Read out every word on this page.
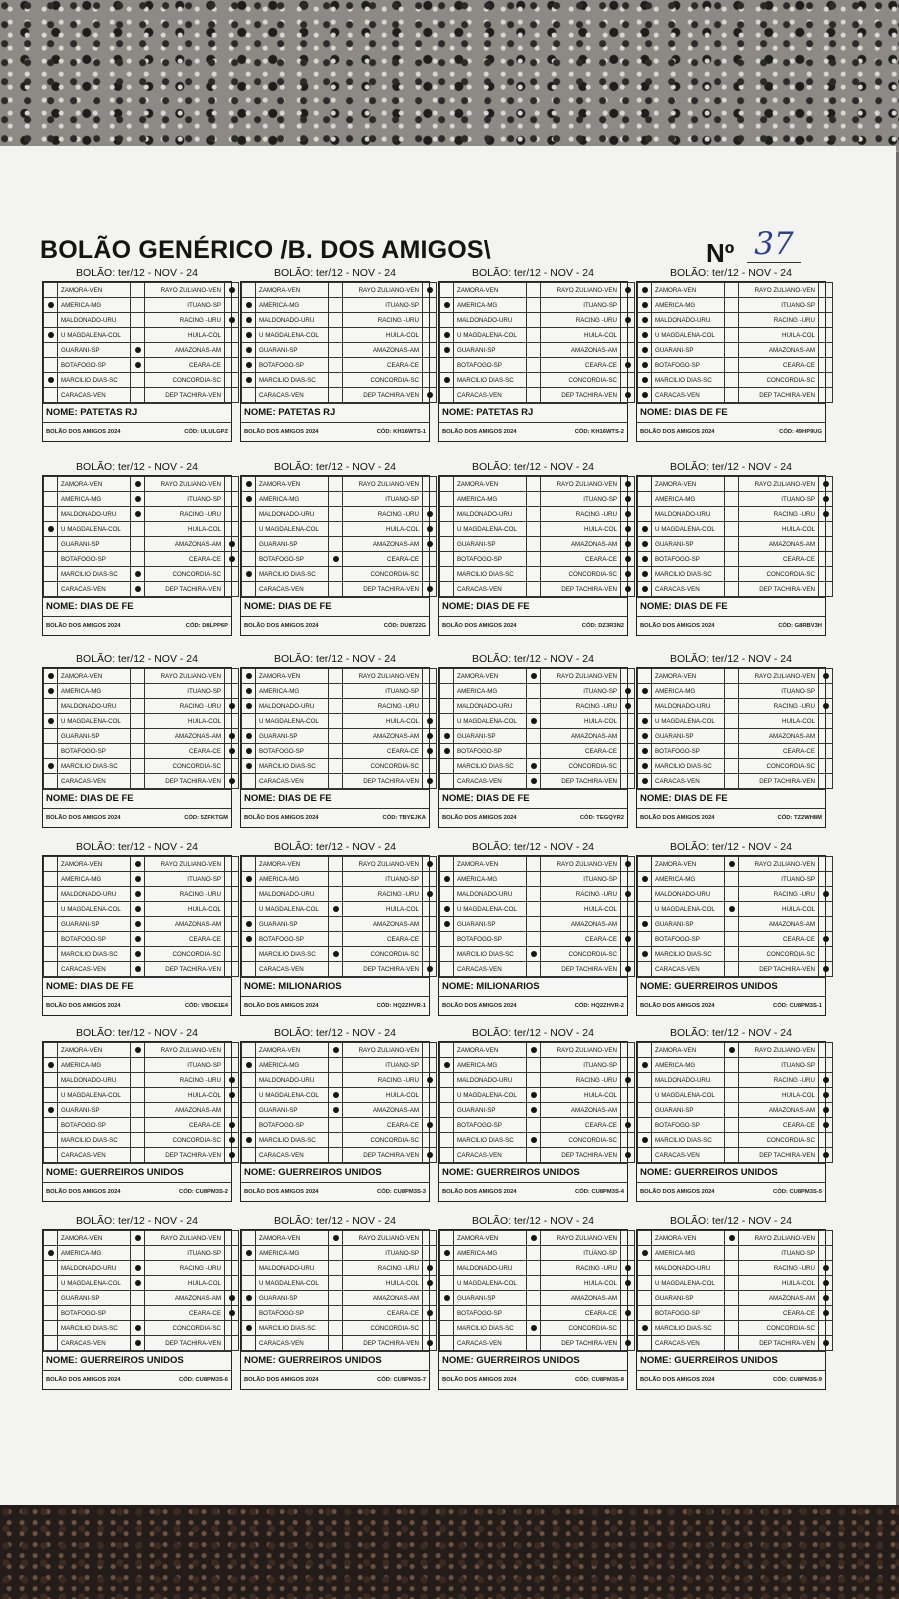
BOLÃO GENÉRICO /B. DOS AMIGOS\	Nº 37
BOLÃO: ter/12 - NOV - 24
	ZAMORA-VEN		RAYO ZULIANO-VEN	
	AMERICA-MG		ITUANO-SP	
	MALDONADO-URU		RACING -URU	
	U MAGDALENA-COL		HUILA-COL	
	GUARANI-SP		AMAZONAS-AM	
	BOTAFOGO-SP		CEARA-CE	
	MARCILIO DIAS-SC		CONCORDIA-SC	
	CARACAS-VEN		DEP TACHIRA-VEN	
NOME: PATETAS RJ
BOLÃO DOS AMIGOS 2024	CÓD: ULULGPZ
BOLÃO: ter/12 - NOV - 24
	ZAMORA-VEN		RAYO ZULIANO-VEN	
	AMERICA-MG		ITUANO-SP	
	MALDONADO-URU		RACING -URU	
	U MAGDALENA-COL		HUILA-COL	
	GUARANI-SP		AMAZONAS-AM	
	BOTAFOGO-SP		CEARA-CE	
	MARCILIO DIAS-SC		CONCORDIA-SC	
	CARACAS-VEN		DEP TACHIRA-VEN	
NOME: PATETAS RJ
BOLÃO DOS AMIGOS 2024	CÓD: KH16WTS-1
BOLÃO: ter/12 - NOV - 24
	ZAMORA-VEN		RAYO ZULIANO-VEN	
	AMERICA-MG		ITUANO-SP	
	MALDONADO-URU		RACING -URU	
	U MAGDALENA-COL		HUILA-COL	
	GUARANI-SP		AMAZONAS-AM	
	BOTAFOGO-SP		CEARA-CE	
	MARCILIO DIAS-SC		CONCORDIA-SC	
	CARACAS-VEN		DEP TACHIRA-VEN	
NOME: PATETAS RJ
BOLÃO DOS AMIGOS 2024	CÓD: KH16WTS-2
BOLÃO: ter/12 - NOV - 24
	ZAMORA-VEN		RAYO ZULIANO-VEN	
	AMERICA-MG		ITUANO-SP	
	MALDONADO-URU		RACING -URU	
	U MAGDALENA-COL		HUILA-COL	
	GUARANI-SP		AMAZONAS-AM	
	BOTAFOGO-SP		CEARA-CE	
	MARCILIO DIAS-SC		CONCORDIA-SC	
	CARACAS-VEN		DEP TACHIRA-VEN	
NOME: DIAS DE FE
BOLÃO DOS AMIGOS 2024	CÓD: 49HP9UG
BOLÃO: ter/12 - NOV - 24
	ZAMORA-VEN		RAYO ZULIANO-VEN	
	AMERICA-MG		ITUANO-SP	
	MALDONADO-URU		RACING -URU	
	U MAGDALENA-COL		HUILA-COL	
	GUARANI-SP		AMAZONAS-AM	
	BOTAFOGO-SP		CEARA-CE	
	MARCILIO DIAS-SC		CONCORDIA-SC	
	CARACAS-VEN		DEP TACHIRA-VEN	
NOME: DIAS DE FE
BOLÃO DOS AMIGOS 2024	CÓD: D8LPP6P
BOLÃO: ter/12 - NOV - 24
	ZAMORA-VEN		RAYO ZULIANO-VEN	
	AMERICA-MG		ITUANO-SP	
	MALDONADO-URU		RACING -URU	
	U MAGDALENA-COL		HUILA-COL	
	GUARANI-SP		AMAZONAS-AM	
	BOTAFOGO-SP		CEARA-CE	
	MARCILIO DIAS-SC		CONCORDIA-SC	
	CARACAS-VEN		DEP TACHIRA-VEN	
NOME: DIAS DE FE
BOLÃO DOS AMIGOS 2024	CÓD: DU8722G
BOLÃO: ter/12 - NOV - 24
	ZAMORA-VEN		RAYO ZULIANO-VEN	
	AMERICA-MG		ITUANO-SP	
	MALDONADO-URU		RACING -URU	
	U MAGDALENA-COL		HUILA-COL	
	GUARANI-SP		AMAZONAS-AM	
	BOTAFOGO-SP		CEARA-CE	
	MARCILIO DIAS-SC		CONCORDIA-SC	
	CARACAS-VEN		DEP TACHIRA-VEN	
NOME: DIAS DE FE
BOLÃO DOS AMIGOS 2024	CÓD: DZ3R3N2
BOLÃO: ter/12 - NOV - 24
	ZAMORA-VEN		RAYO ZULIANO-VEN	
	AMERICA-MG		ITUANO-SP	
	MALDONADO-URU		RACING -URU	
	U MAGDALENA-COL		HUILA-COL	
	GUARANI-SP		AMAZONAS-AM	
	BOTAFOGO-SP		CEARA-CE	
	MARCILIO DIAS-SC		CONCORDIA-SC	
	CARACAS-VEN		DEP TACHIRA-VEN	
NOME: DIAS DE FE
BOLÃO DOS AMIGOS 2024	CÓD: G8RBV3H
BOLÃO: ter/12 - NOV - 24
	ZAMORA-VEN		RAYO ZULIANO-VEN	
	AMERICA-MG		ITUANO-SP	
	MALDONADO-URU		RACING -URU	
	U MAGDALENA-COL		HUILA-COL	
	GUARANI-SP		AMAZONAS-AM	
	BOTAFOGO-SP		CEARA-CE	
	MARCILIO DIAS-SC		CONCORDIA-SC	
	CARACAS-VEN		DEP TACHIRA-VEN	
NOME: DIAS DE FE
BOLÃO DOS AMIGOS 2024	CÓD: 5ZFKTGM
BOLÃO: ter/12 - NOV - 24
	ZAMORA-VEN		RAYO ZULIANO-VEN	
	AMERICA-MG		ITUANO-SP	
	MALDONADO-URU		RACING -URU	
	U MAGDALENA-COL		HUILA-COL	
	GUARANI-SP		AMAZONAS-AM	
	BOTAFOGO-SP		CEARA-CE	
	MARCILIO DIAS-SC		CONCORDIA-SC	
	CARACAS-VEN		DEP TACHIRA-VEN	
NOME: DIAS DE FE
BOLÃO DOS AMIGOS 2024	CÓD: TBYEJKA
BOLÃO: ter/12 - NOV - 24
	ZAMORA-VEN		RAYO ZULIANO-VEN	
	AMERICA-MG		ITUANO-SP	
	MALDONADO-URU		RACING -URU	
	U MAGDALENA-COL		HUILA-COL	
	GUARANI-SP		AMAZONAS-AM	
	BOTAFOGO-SP		CEARA-CE	
	MARCILIO DIAS-SC		CONCORDIA-SC	
	CARACAS-VEN		DEP TACHIRA-VEN	
NOME: DIAS DE FE
BOLÃO DOS AMIGOS 2024	CÓD: TEGQYR2
BOLÃO: ter/12 - NOV - 24
	ZAMORA-VEN		RAYO ZULIANO-VEN	
	AMERICA-MG		ITUANO-SP	
	MALDONADO-URU		RACING -URU	
	U MAGDALENA-COL		HUILA-COL	
	GUARANI-SP		AMAZONAS-AM	
	BOTAFOGO-SP		CEARA-CE	
	MARCILIO DIAS-SC		CONCORDIA-SC	
	CARACAS-VEN		DEP TACHIRA-VEN	
NOME: DIAS DE FE
BOLÃO DOS AMIGOS 2024	CÓD: TZ2WH8M
BOLÃO: ter/12 - NOV - 24
	ZAMORA-VEN		RAYO ZULIANO-VEN	
	AMERICA-MG		ITUANO-SP	
	MALDONADO-URU		RACING -URU	
	U MAGDALENA-COL		HUILA-COL	
	GUARANI-SP		AMAZONAS-AM	
	BOTAFOGO-SP		CEARA-CE	
	MARCILIO DIAS-SC		CONCORDIA-SC	
	CARACAS-VEN		DEP TACHIRA-VEN	
NOME: DIAS DE FE
BOLÃO DOS AMIGOS 2024	CÓD: VBOE1E4
BOLÃO: ter/12 - NOV - 24
	ZAMORA-VEN		RAYO ZULIANO-VEN	
	AMERICA-MG		ITUANO-SP	
	MALDONADO-URU		RACING -URU	
	U MAGDALENA-COL		HUILA-COL	
	GUARANI-SP		AMAZONAS-AM	
	BOTAFOGO-SP		CEARA-CE	
	MARCILIO DIAS-SC		CONCORDIA-SC	
	CARACAS-VEN		DEP TACHIRA-VEN	
NOME: MILIONARIOS
BOLÃO DOS AMIGOS 2024	CÓD: HQ2ZHVR-1
BOLÃO: ter/12 - NOV - 24
	ZAMORA-VEN		RAYO ZULIANO-VEN	
	AMERICA-MG		ITUANO-SP	
	MALDONADO-URU		RACING -URU	
	U MAGDALENA-COL		HUILA-COL	
	GUARANI-SP		AMAZONAS-AM	
	BOTAFOGO-SP		CEARA-CE	
	MARCILIO DIAS-SC		CONCORDIA-SC	
	CARACAS-VEN		DEP TACHIRA-VEN	
NOME: MILIONARIOS
BOLÃO DOS AMIGOS 2024	CÓD: HQ2ZHVR-2
BOLÃO: ter/12 - NOV - 24
	ZAMORA-VEN		RAYO ZULIANO-VEN	
	AMERICA-MG		ITUANO-SP	
	MALDONADO-URU		RACING -URU	
	U MAGDALENA-COL		HUILA-COL	
	GUARANI-SP		AMAZONAS-AM	
	BOTAFOGO-SP		CEARA-CE	
	MARCILIO DIAS-SC		CONCORDIA-SC	
	CARACAS-VEN		DEP TACHIRA-VEN	
NOME: GUERREIROS UNIDOS
BOLÃO DOS AMIGOS 2024	CÓD: CU8PM3S-1
BOLÃO: ter/12 - NOV - 24
	ZAMORA-VEN		RAYO ZULIANO-VEN	
	AMERICA-MG		ITUANO-SP	
	MALDONADO-URU		RACING -URU	
	U MAGDALENA-COL		HUILA-COL	
	GUARANI-SP		AMAZONAS-AM	
	BOTAFOGO-SP		CEARA-CE	
	MARCILIO DIAS-SC		CONCORDIA-SC	
	CARACAS-VEN		DEP TACHIRA-VEN	
NOME: GUERREIROS UNIDOS
BOLÃO DOS AMIGOS 2024	CÓD: CU8PM3S-2
BOLÃO: ter/12 - NOV - 24
	ZAMORA-VEN		RAYO ZULIANO-VEN	
	AMERICA-MG		ITUANO-SP	
	MALDONADO-URU		RACING -URU	
	U MAGDALENA-COL		HUILA-COL	
	GUARANI-SP		AMAZONAS-AM	
	BOTAFOGO-SP		CEARA-CE	
	MARCILIO DIAS-SC		CONCORDIA-SC	
	CARACAS-VEN		DEP TACHIRA-VEN	
NOME: GUERREIROS UNIDOS
BOLÃO DOS AMIGOS 2024	CÓD: CU8PM3S-3
BOLÃO: ter/12 - NOV - 24
	ZAMORA-VEN		RAYO ZULIANO-VEN	
	AMERICA-MG		ITUANO-SP	
	MALDONADO-URU		RACING -URU	
	U MAGDALENA-COL		HUILA-COL	
	GUARANI-SP		AMAZONAS-AM	
	BOTAFOGO-SP		CEARA-CE	
	MARCILIO DIAS-SC		CONCORDIA-SC	
	CARACAS-VEN		DEP TACHIRA-VEN	
NOME: GUERREIROS UNIDOS
BOLÃO DOS AMIGOS 2024	CÓD: CU8PM3S-4
BOLÃO: ter/12 - NOV - 24
	ZAMORA-VEN		RAYO ZULIANO-VEN	
	AMERICA-MG		ITUANO-SP	
	MALDONADO-URU		RACING -URU	
	U MAGDALENA-COL		HUILA-COL	
	GUARANI-SP		AMAZONAS-AM	
	BOTAFOGO-SP		CEARA-CE	
	MARCILIO DIAS-SC		CONCORDIA-SC	
	CARACAS-VEN		DEP TACHIRA-VEN	
NOME: GUERREIROS UNIDOS
BOLÃO DOS AMIGOS 2024	CÓD: CU8PM3S-5
BOLÃO: ter/12 - NOV - 24
	ZAMORA-VEN		RAYO ZULIANO-VEN	
	AMERICA-MG		ITUANO-SP	
	MALDONADO-URU		RACING -URU	
	U MAGDALENA-COL		HUILA-COL	
	GUARANI-SP		AMAZONAS-AM	
	BOTAFOGO-SP		CEARA-CE	
	MARCILIO DIAS-SC		CONCORDIA-SC	
	CARACAS-VEN		DEP TACHIRA-VEN	
NOME: GUERREIROS UNIDOS
BOLÃO DOS AMIGOS 2024	CÓD: CU8PM3S-6
BOLÃO: ter/12 - NOV - 24
	ZAMORA-VEN		RAYO ZULIANO-VEN	
	AMERICA-MG		ITUANO-SP	
	MALDONADO-URU		RACING -URU	
	U MAGDALENA-COL		HUILA-COL	
	GUARANI-SP		AMAZONAS-AM	
	BOTAFOGO-SP		CEARA-CE	
	MARCILIO DIAS-SC		CONCORDIA-SC	
	CARACAS-VEN		DEP TACHIRA-VEN	
NOME: GUERREIROS UNIDOS
BOLÃO DOS AMIGOS 2024	CÓD: CU8PM3S-7
BOLÃO: ter/12 - NOV - 24
	ZAMORA-VEN		RAYO ZULIANO-VEN	
	AMERICA-MG		ITUANO-SP	
	MALDONADO-URU		RACING -URU	
	U MAGDALENA-COL		HUILA-COL	
	GUARANI-SP		AMAZONAS-AM	
	BOTAFOGO-SP		CEARA-CE	
	MARCILIO DIAS-SC		CONCORDIA-SC	
	CARACAS-VEN		DEP TACHIRA-VEN	
NOME: GUERREIROS UNIDOS
BOLÃO DOS AMIGOS 2024	CÓD: CU8PM3S-8
BOLÃO: ter/12 - NOV - 24
	ZAMORA-VEN		RAYO ZULIANO-VEN	
	AMERICA-MG		ITUANO-SP	
	MALDONADO-URU		RACING -URU	
	U MAGDALENA-COL		HUILA-COL	
	GUARANI-SP		AMAZONAS-AM	
	BOTAFOGO-SP		CEARA-CE	
	MARCILIO DIAS-SC		CONCORDIA-SC	
	CARACAS-VEN		DEP TACHIRA-VEN	
NOME: GUERREIROS UNIDOS
BOLÃO DOS AMIGOS 2024	CÓD: CU8PM3S-9
